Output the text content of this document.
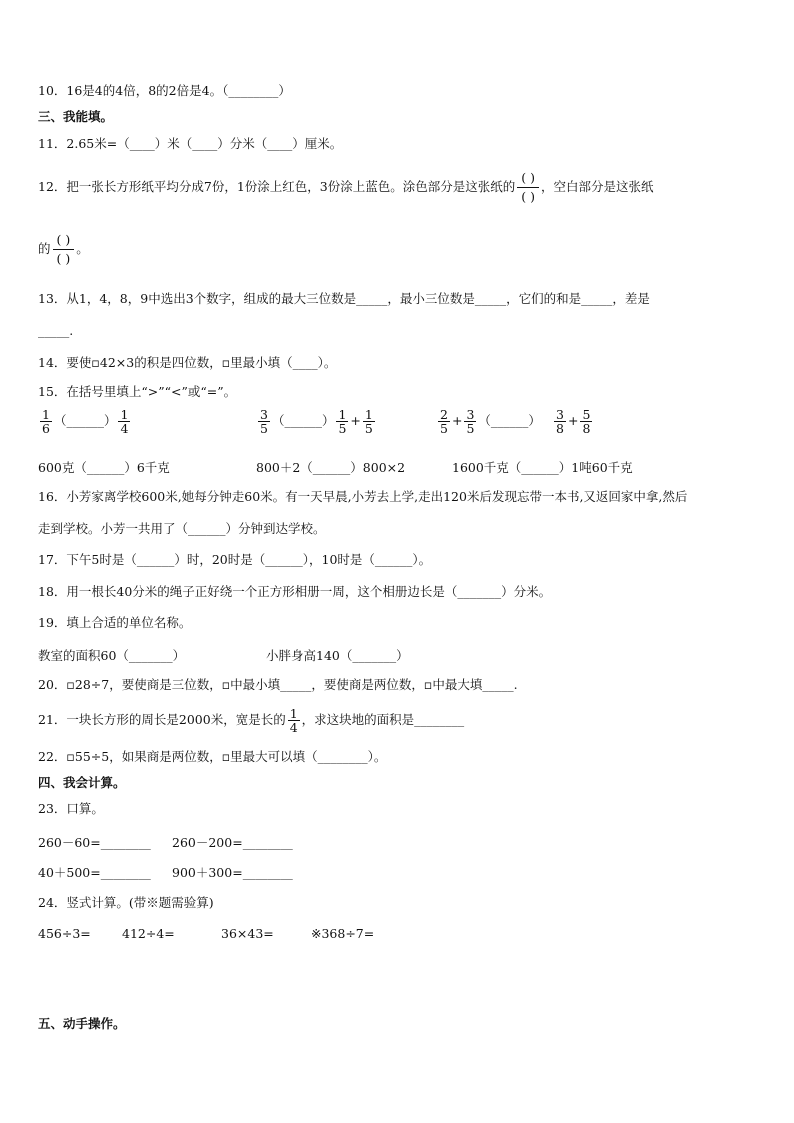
10．16是4的4倍，8的2倍是4。（________）
三、我能填。
11．2.65米=（____）米（____）分米（____）厘米。
12．把一张长方形纸平均分成7份，1份涂上红色，3份涂上蓝色。涂色部分是这张纸的 $\frac{( )}{( )}$ ，空白部分是这张纸
的 $\frac{( )}{( )}$ 。
13．从1，4，8，9中选出3个数字，组成的最大三位数是_____，最小三位数是_____，它们的和是_____，差是
_____.
14．要使▫42×3的积是四位数，▫里最小填（____）。
15．在括号里填上“>”“<”或“=”。
$\frac{1}{6}$ （______） $\frac{1}{4}$	$\frac{3}{5}$ （______） $\frac{1}{5} + \frac{1}{5}$	$\frac{2}{5} + \frac{3}{5}$ （______） $\frac{3}{8} + \frac{5}{8}$
600克（______）6千克	800＋2（______）800×2	1600千克（______）1吨60千克
16．小芳家离学校600米,她每分钟走60米。有一天早晨,小芳去上学,走出120米后发现忘带一本书,又返回家中拿,然后
走到学校。小芳一共用了（______）分钟到达学校。
17．下午5时是（______）时，20时是（______），10时是（______）。
18．用一根长40分米的绳子正好绕一个正方形相册一周，这个相册边长是（_______）分米。
19．填上合适的单位名称。
教室的面积60（_______）	小胖身高140（_______）
20．▫28÷7，要使商是三位数，▫中最小填_____，要使商是两位数，▫中最大填_____.
21．一块长方形的周长是2000米，宽是长的 $\frac{1}{4}$ ，求这块地的面积是________
22．▫55÷5，如果商是两位数，▫里最大可以填（________）。
四、我会计算。
23．口算。
260－60=________ 260－200=________
40＋500=________ 900＋300=________
24．竖式计算。(带※题需验算)
456÷3= 412÷4=	36×43=	※368÷7=
五、动手操作。
